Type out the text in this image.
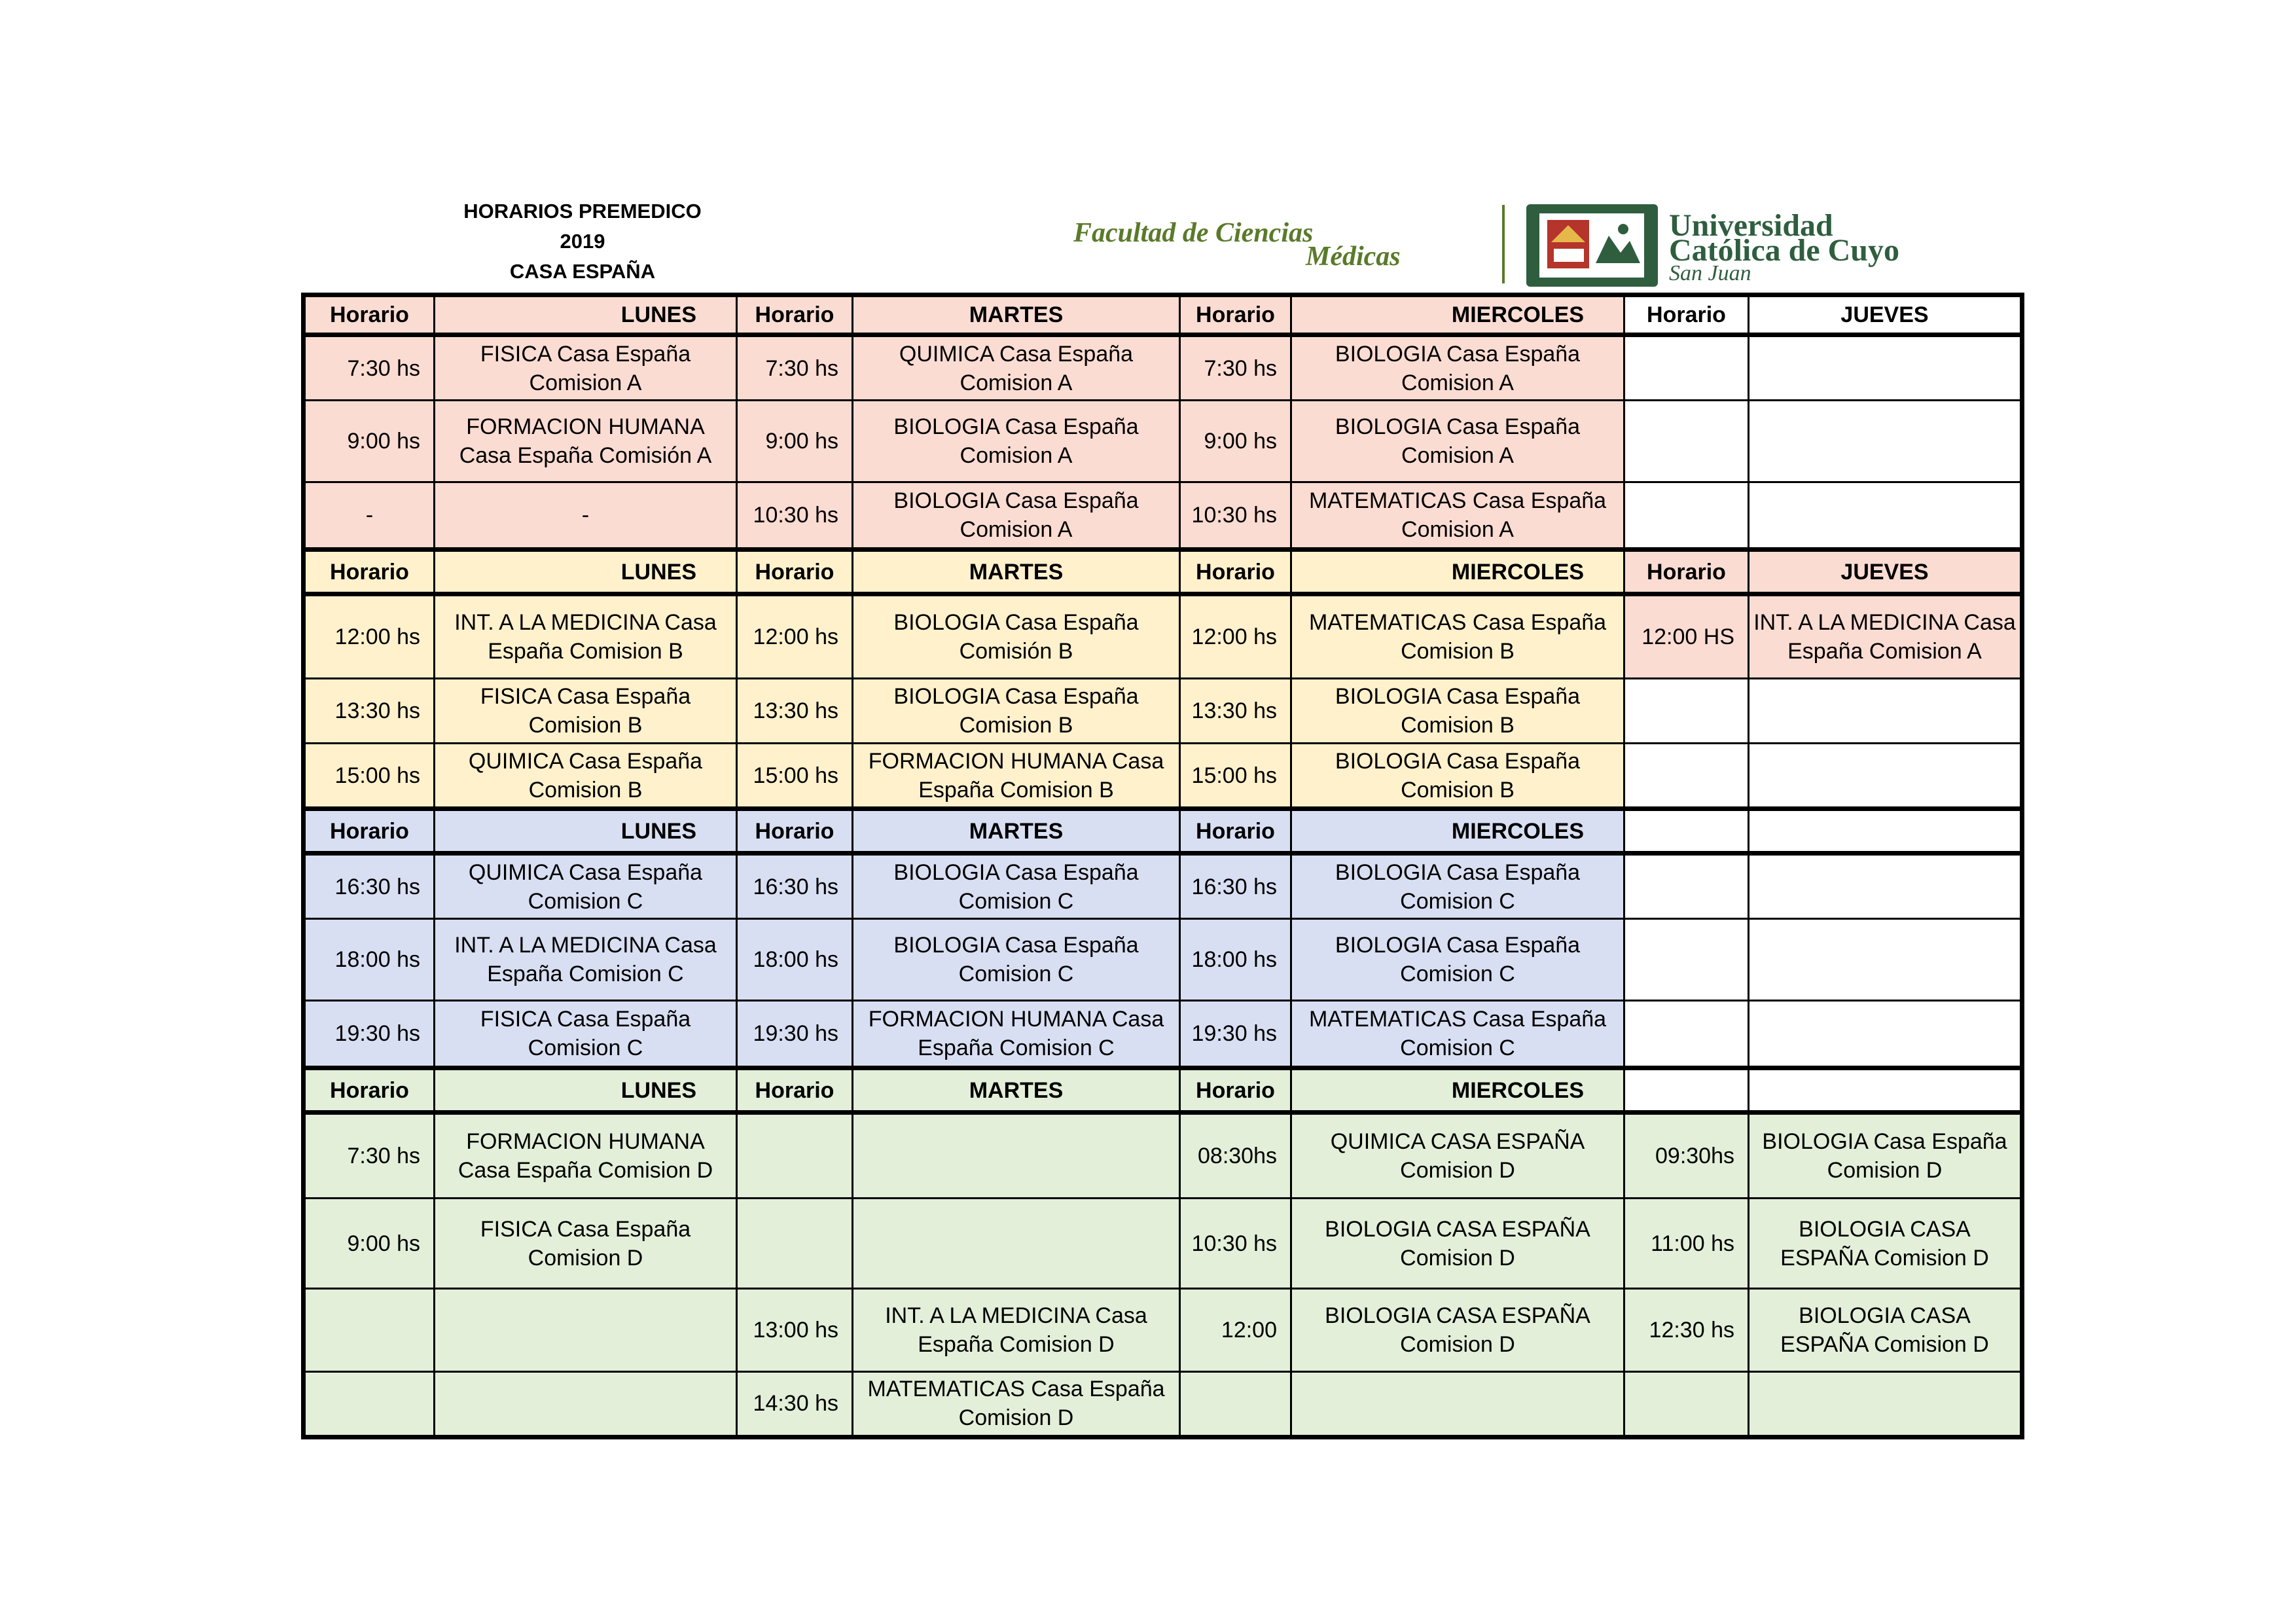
HORARIOS PREMEDICO
2019
CASA ESPAÑA
Facultad de Ciencias
Médicas
Universidad
Católica de Cuyo
San Juan
Horario	LUNES	Horario	MARTES	Horario	MIERCOLES	Horario	JUEVES
7:30 hs	FISICA Casa España Comision A	7:30 hs	QUIMICA Casa España Comision A	7:30 hs	BIOLOGIA Casa España Comision A		
9:00 hs	FORMACION HUMANA Casa España Comisión A	9:00 hs	BIOLOGIA Casa España Comision A	9:00 hs	BIOLOGIA Casa España Comision A		
-	-	10:30 hs	BIOLOGIA Casa España Comision A	10:30 hs	MATEMATICAS Casa España Comision A		
Horario	LUNES	Horario	MARTES	Horario	MIERCOLES	Horario	JUEVES
12:00 hs	INT. A LA MEDICINA Casa España Comision B	12:00 hs	BIOLOGIA Casa España Comisión B	12:00 hs	MATEMATICAS Casa España Comision B	12:00 HS	INT. A LA MEDICINA Casa España Comision A
13:30 hs	FISICA Casa España Comision B	13:30 hs	BIOLOGIA Casa España Comision B	13:30 hs	BIOLOGIA Casa España Comision B		
15:00 hs	QUIMICA Casa España Comision B	15:00 hs	FORMACION HUMANA Casa España Comision B	15:00 hs	BIOLOGIA Casa España Comision B		
Horario	LUNES	Horario	MARTES	Horario	MIERCOLES		
16:30 hs	QUIMICA Casa España Comision C	16:30 hs	BIOLOGIA Casa España Comision C	16:30 hs	BIOLOGIA Casa España Comision C		
18:00 hs	INT. A LA MEDICINA Casa España Comision C	18:00 hs	BIOLOGIA Casa España Comision C	18:00 hs	BIOLOGIA Casa España Comision C		
19:30 hs	FISICA Casa España Comision C	19:30 hs	FORMACION HUMANA Casa España Comision C	19:30 hs	MATEMATICAS Casa España Comision C		
Horario	LUNES	Horario	MARTES	Horario	MIERCOLES		
7:30 hs	FORMACION HUMANA Casa España Comision D			08:30hs	QUIMICA CASA ESPAÑA Comision D	09:30hs	BIOLOGIA Casa España Comision D
9:00 hs	FISICA Casa España Comision D			10:30 hs	BIOLOGIA CASA ESPAÑA Comision D	11:00 hs	BIOLOGIA CASA ESPAÑA Comision D
		13:00 hs	INT. A LA MEDICINA Casa España Comision D	12:00	BIOLOGIA CASA ESPAÑA Comision D	12:30 hs	BIOLOGIA CASA ESPAÑA Comision D
		14:30 hs	MATEMATICAS Casa España Comision D				
